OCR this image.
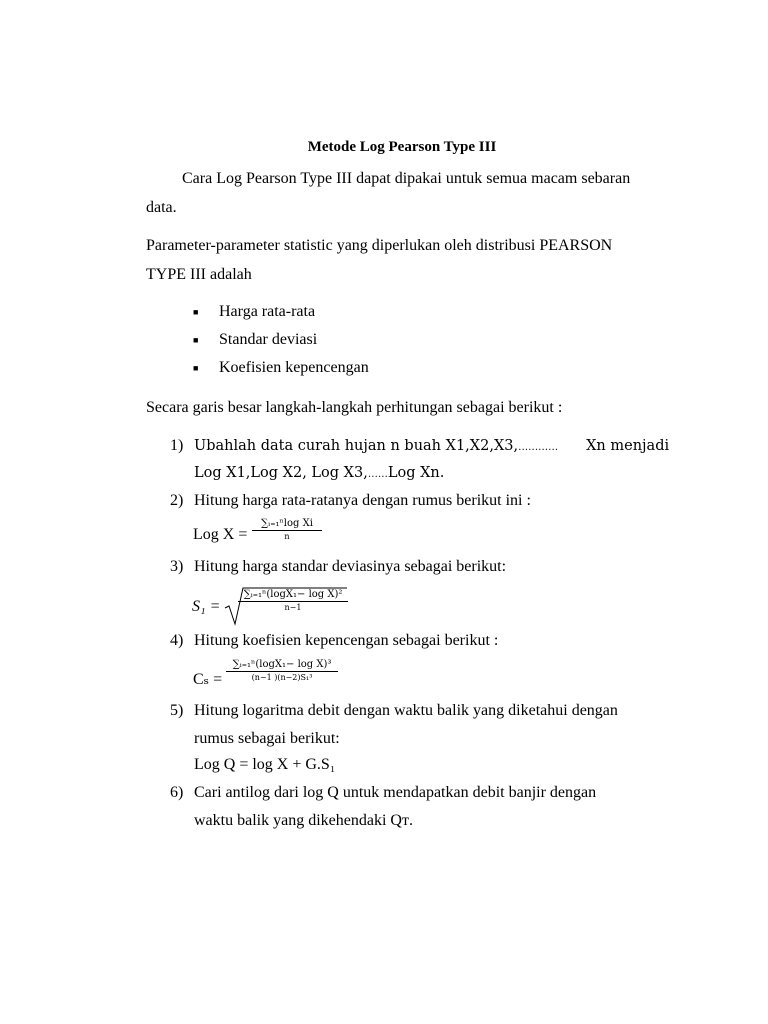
Metode Log Pearson Type III
Cara Log Pearson Type III dapat dipakai untuk semua macam sebaran
data.
Parameter-parameter statistic yang diperlukan oleh distribusi PEARSON
TYPE III adalah
■ Harga rata-rata
■ Standar deviasi
■ Koefisien kepencengan
Secara garis besar langkah-langkah perhitungan sebagai berikut :
1) Ubahlah data curah hujan n buah X1,X2,X3,………… Xn menjadi
Log X1,Log X2, Log X3,……Log Xn.
2) Hitung harga rata-ratanya dengan rumus berikut ini :
Log X =
∑ᵢ₌₁ⁿlog Xi
n
3) Hitung harga standar deviasinya sebagai berikut:
S₁ =
∑ᵢ₌₁ⁿ(logX₁− log X)²
n−1
4) Hitung koefisien kepencengan sebagai berikut :
Cₛ =
∑ᵢ₌₁ⁿ(logX₁− log X)³
(n−1 )(n−2)S₁³
5) Hitung logaritma debit dengan waktu balik yang diketahui dengan
rumus sebagai berikut:
Log Q = log X + G.S₁
6) Cari antilog dari log Q untuk mendapatkan debit banjir dengan
waktu balik yang dikehendaki Qᴛ.
